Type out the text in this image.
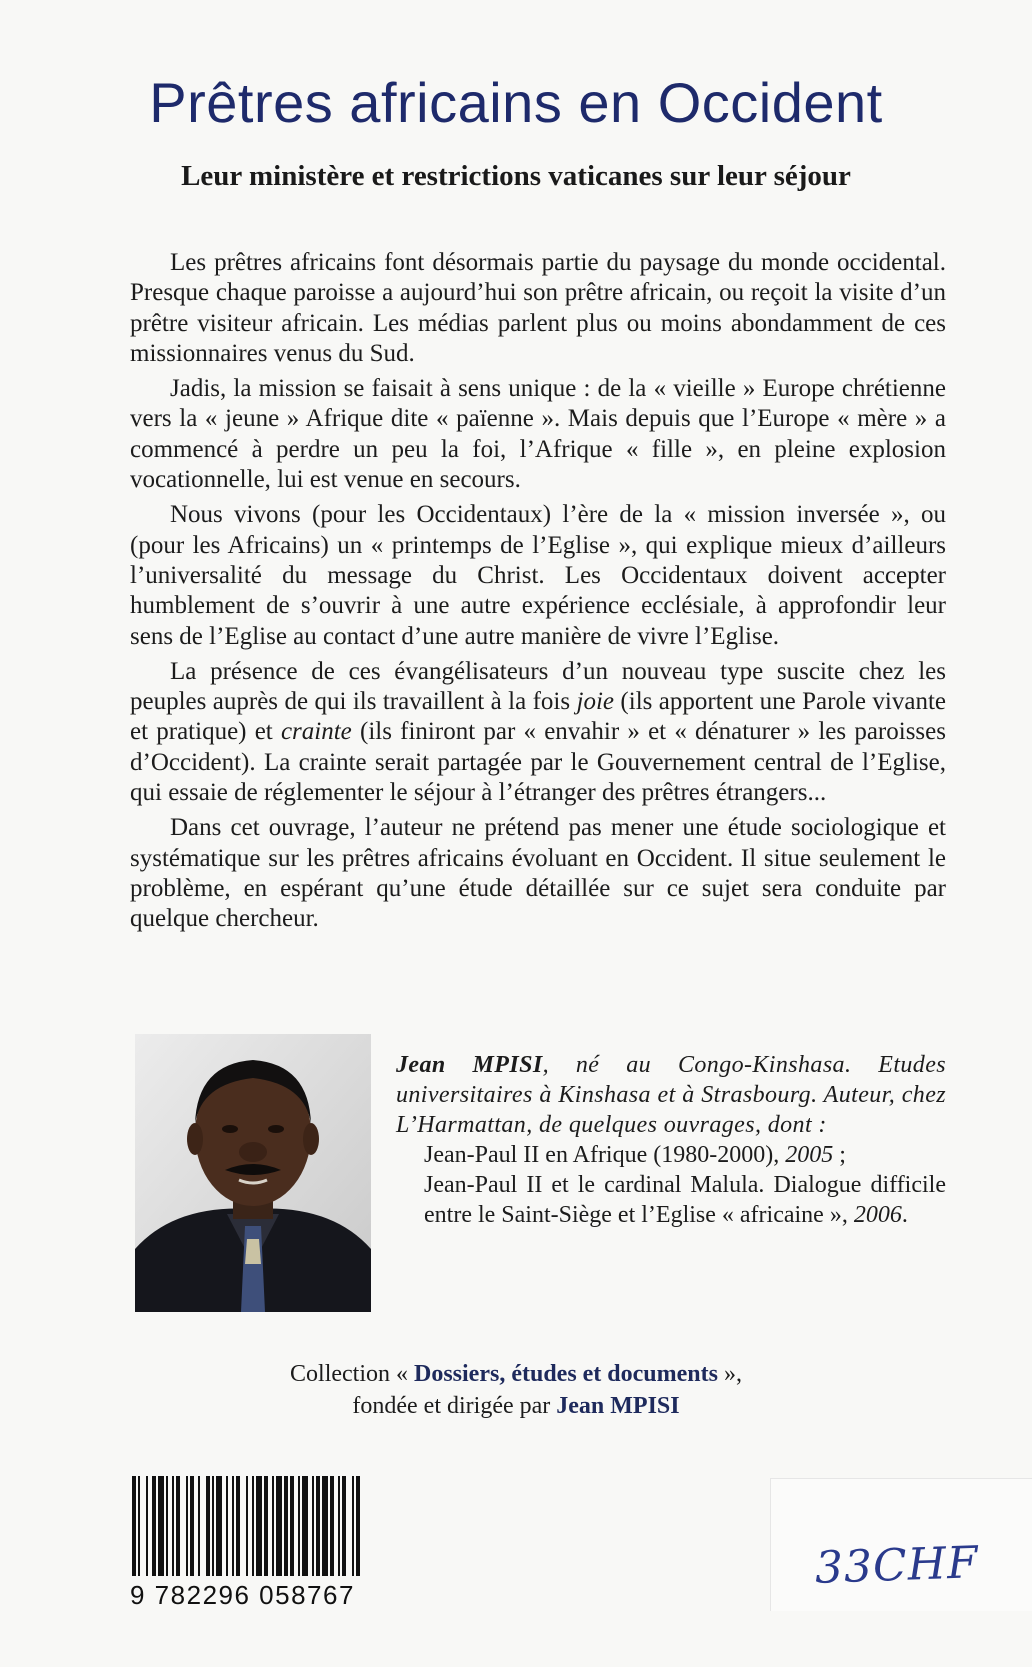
Prêtres africains en Occident
Leur ministère et restrictions vaticanes sur leur séjour

Les prêtres africains font désormais partie du paysage du monde occidental. Presque chaque paroisse a aujourd’hui son prêtre africain, ou reçoit la visite d’un prêtre visiteur africain. Les médias parlent plus ou moins abondamment de ces missionnaires venus du Sud.

Jadis, la mission se faisait à sens unique : de la « vieille » Europe chrétienne vers la « jeune » Afrique dite « païenne ». Mais depuis que l’Europe « mère » a commencé à perdre un peu la foi, l’Afrique « fille », en pleine explosion vocationnelle, lui est venue en secours.

Nous vivons (pour les Occidentaux) l’ère de la « mission inversée », ou (pour les Africains) un « printemps de l’Eglise », qui explique mieux d’ailleurs l’universalité du message du Christ. Les Occidentaux doivent accepter humblement de s’ouvrir à une autre expérience ecclésiale, à approfondir leur sens de l’Eglise au contact d’une autre manière de vivre l’Eglise.

La présence de ces évangélisateurs d’un nouveau type suscite chez les peuples auprès de qui ils travaillent à la fois joie (ils apportent une Parole vivante et pratique) et crainte (ils finiront par « envahir » et « dénaturer » les paroisses d’Occident). La crainte serait partagée par le Gouvernement central de l’Eglise, qui essaie de réglementer le séjour à l’étranger des prêtres étrangers...

Dans cet ouvrage, l’auteur ne prétend pas mener une étude sociologique et systématique sur les prêtres africains évoluant en Occident. Il situe seulement le problème, en espérant qu’une étude détaillée sur ce sujet sera conduite par quelque chercheur.

Jean MPISI, né au Congo-Kinshasa. Etudes universitaires à Kinshasa et à Strasbourg. Auteur, chez L’Harmattan, de quelques ouvrages, dont :
Jean-Paul II en Afrique (1980-2000), 2005 ;
Jean-Paul II et le cardinal Malula. Dialogue difficile entre le Saint-Siège et l’Eglise « africaine », 2006.
Collection « Dossiers, études et documents »,
fondée et dirigée par Jean MPISI
9 782296 058767
33CHF
